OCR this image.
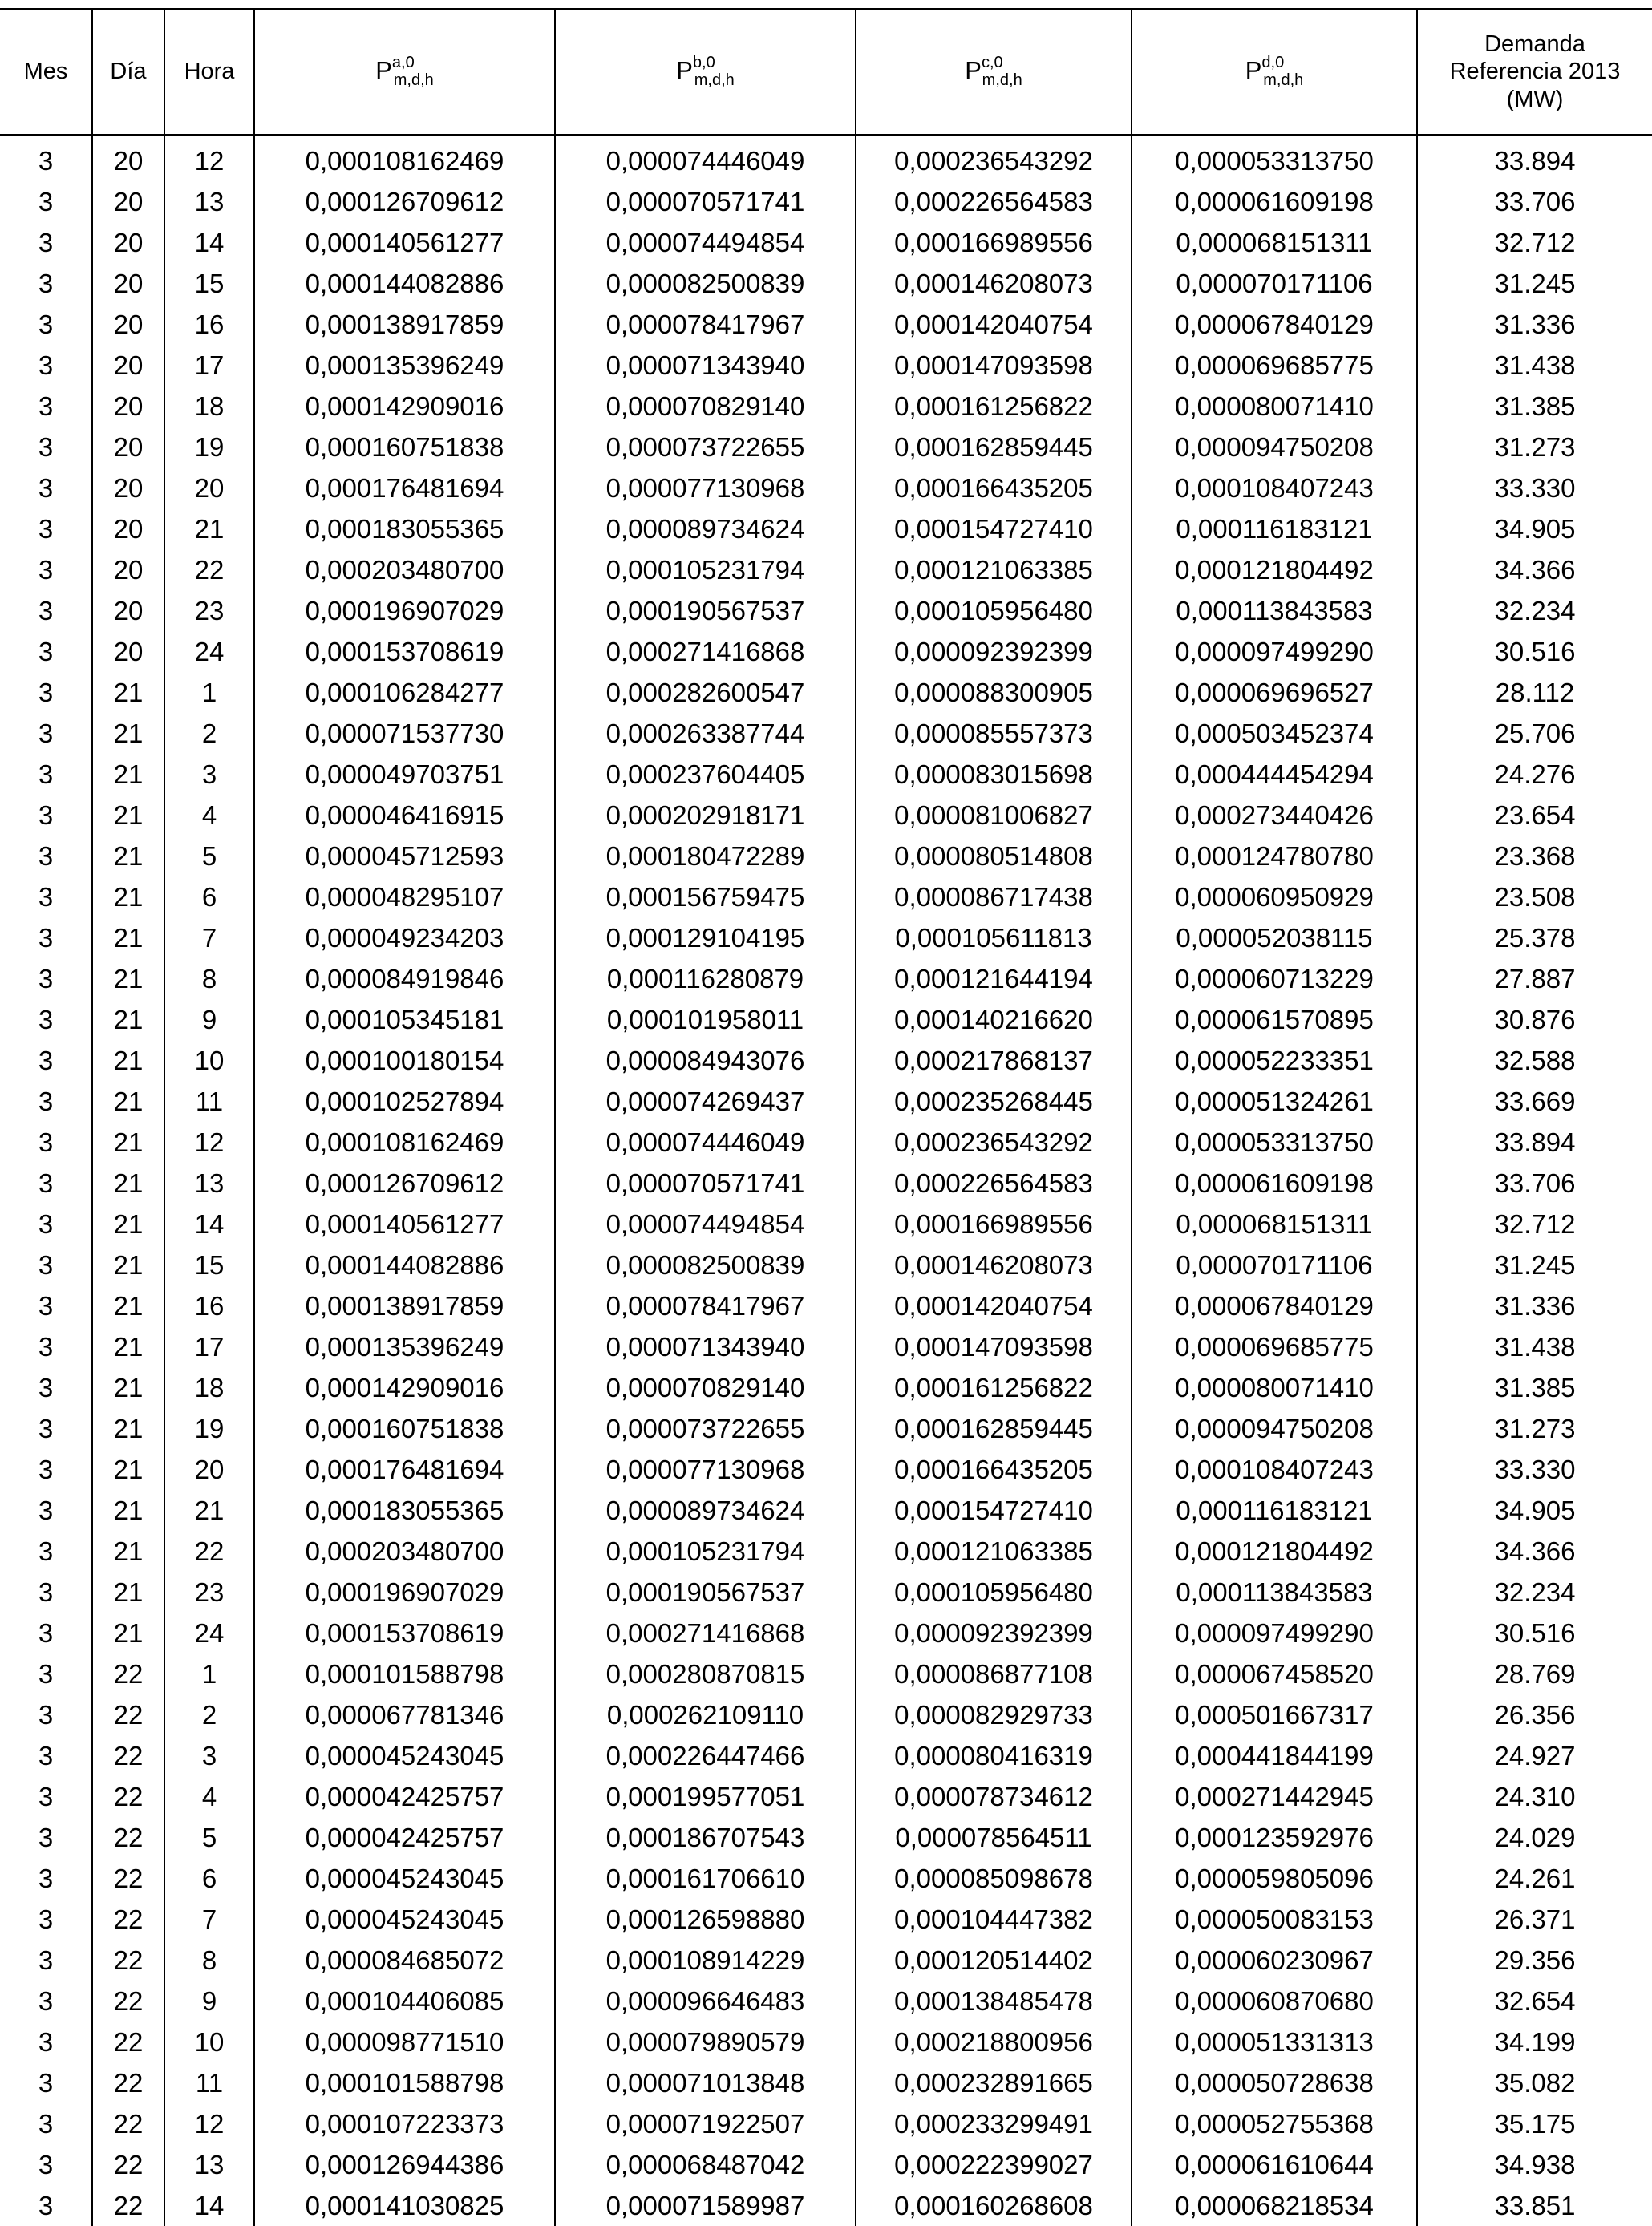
Mes	Día	Hora	P$^{a,0}_{m,d,h}$	P$^{b,0}_{m,d,h}$	P$^{c,0}_{m,d,h}$	P$^{d,0}_{m,d,h}$	Demanda
Referencia 2013
(MW)

3	20	12	0,000108162469	0,000074446049	0,000236543292	0,000053313750	33.894
3	20	13	0,000126709612	0,000070571741	0,000226564583	0,000061609198	33.706
3	20	14	0,000140561277	0,000074494854	0,000166989556	0,000068151311	32.712
3	20	15	0,000144082886	0,000082500839	0,000146208073	0,000070171106	31.245
3	20	16	0,000138917859	0,000078417967	0,000142040754	0,000067840129	31.336
3	20	17	0,000135396249	0,000071343940	0,000147093598	0,000069685775	31.438
3	20	18	0,000142909016	0,000070829140	0,000161256822	0,000080071410	31.385
3	20	19	0,000160751838	0,000073722655	0,000162859445	0,000094750208	31.273
3	20	20	0,000176481694	0,000077130968	0,000166435205	0,000108407243	33.330
3	20	21	0,000183055365	0,000089734624	0,000154727410	0,000116183121	34.905
3	20	22	0,000203480700	0,000105231794	0,000121063385	0,000121804492	34.366
3	20	23	0,000196907029	0,000190567537	0,000105956480	0,000113843583	32.234
3	20	24	0,000153708619	0,000271416868	0,000092392399	0,000097499290	30.516
3	21	1	0,000106284277	0,000282600547	0,000088300905	0,000069696527	28.112
3	21	2	0,000071537730	0,000263387744	0,000085557373	0,000503452374	25.706
3	21	3	0,000049703751	0,000237604405	0,000083015698	0,000444454294	24.276
3	21	4	0,000046416915	0,000202918171	0,000081006827	0,000273440426	23.654
3	21	5	0,000045712593	0,000180472289	0,000080514808	0,000124780780	23.368
3	21	6	0,000048295107	0,000156759475	0,000086717438	0,000060950929	23.508
3	21	7	0,000049234203	0,000129104195	0,000105611813	0,000052038115	25.378
3	21	8	0,000084919846	0,000116280879	0,000121644194	0,000060713229	27.887
3	21	9	0,000105345181	0,000101958011	0,000140216620	0,000061570895	30.876
3	21	10	0,000100180154	0,000084943076	0,000217868137	0,000052233351	32.588
3	21	11	0,000102527894	0,000074269437	0,000235268445	0,000051324261	33.669
3	21	12	0,000108162469	0,000074446049	0,000236543292	0,000053313750	33.894
3	21	13	0,000126709612	0,000070571741	0,000226564583	0,000061609198	33.706
3	21	14	0,000140561277	0,000074494854	0,000166989556	0,000068151311	32.712
3	21	15	0,000144082886	0,000082500839	0,000146208073	0,000070171106	31.245
3	21	16	0,000138917859	0,000078417967	0,000142040754	0,000067840129	31.336
3	21	17	0,000135396249	0,000071343940	0,000147093598	0,000069685775	31.438
3	21	18	0,000142909016	0,000070829140	0,000161256822	0,000080071410	31.385
3	21	19	0,000160751838	0,000073722655	0,000162859445	0,000094750208	31.273
3	21	20	0,000176481694	0,000077130968	0,000166435205	0,000108407243	33.330
3	21	21	0,000183055365	0,000089734624	0,000154727410	0,000116183121	34.905
3	21	22	0,000203480700	0,000105231794	0,000121063385	0,000121804492	34.366
3	21	23	0,000196907029	0,000190567537	0,000105956480	0,000113843583	32.234
3	21	24	0,000153708619	0,000271416868	0,000092392399	0,000097499290	30.516
3	22	1	0,000101588798	0,000280870815	0,000086877108	0,000067458520	28.769
3	22	2	0,000067781346	0,000262109110	0,000082929733	0,000501667317	26.356
3	22	3	0,000045243045	0,000226447466	0,000080416319	0,000441844199	24.927
3	22	4	0,000042425757	0,000199577051	0,000078734612	0,000271442945	24.310
3	22	5	0,000042425757	0,000186707543	0,000078564511	0,000123592976	24.029
3	22	6	0,000045243045	0,000161706610	0,000085098678	0,000059805096	24.261
3	22	7	0,000045243045	0,000126598880	0,000104447382	0,000050083153	26.371
3	22	8	0,000084685072	0,000108914229	0,000120514402	0,000060230967	29.356
3	22	9	0,000104406085	0,000096646483	0,000138485478	0,000060870680	32.654
3	22	10	0,000098771510	0,000079890579	0,000218800956	0,000051331313	34.199
3	22	11	0,000101588798	0,000071013848	0,000232891665	0,000050728638	35.082
3	22	12	0,000107223373	0,000071922507	0,000233299491	0,000052755368	35.175
3	22	13	0,000126944386	0,000068487042	0,000222399027	0,000061610644	34.938
3	22	14	0,000141030825	0,000071589987	0,000160268608	0,000068218534	33.851
